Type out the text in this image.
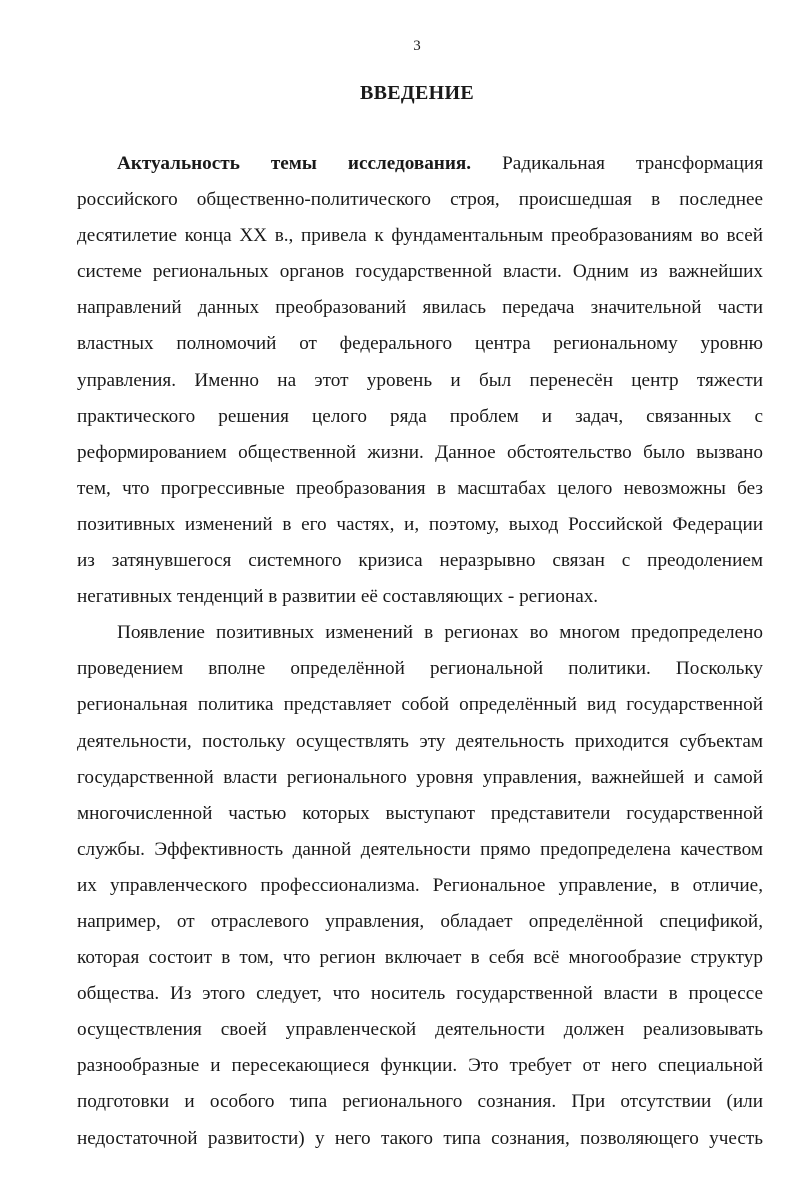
3
ВВЕДЕНИЕ
Актуальность темы исследования. Радикальная трансформация
российского общественно-политического строя, происшедшая в последнее
десятилетие конца XX в., привела к фундаментальным преобразованиям во всей
системе региональных органов государственной власти. Одним из важнейших
направлений данных преобразований явилась передача значительной части
властных полномочий от федерального центра региональному уровню
управления. Именно на этот уровень и был перенесён центр тяжести
практического решения целого ряда проблем и задач, связанных с
реформированием общественной жизни. Данное обстоятельство было вызвано
тем, что прогрессивные преобразования в масштабах целого невозможны без
позитивных изменений в его частях, и, поэтому, выход Российской Федерации
из затянувшегося системного кризиса неразрывно связан с преодолением
негативных тенденций в развитии её составляющих - регионах.
Появление позитивных изменений в регионах во многом предопределено
проведением вполне определённой региональной политики. Поскольку
региональная политика представляет собой определённый вид государственной
деятельности, постольку осуществлять эту деятельность приходится субъектам
государственной власти регионального уровня управления, важнейшей и самой
многочисленной частью которых выступают представители государственной
службы. Эффективность данной деятельности прямо предопределена качеством
их управленческого профессионализма. Региональное управление, в отличие,
например, от отраслевого управления, обладает определённой спецификой,
которая состоит в том, что регион включает в себя всё многообразие структур
общества. Из этого следует, что носитель государственной власти в процессе
осуществления своей управленческой деятельности должен реализовывать
разнообразные и пересекающиеся функции. Это требует от него специальной
подготовки и особого типа регионального сознания. При отсутствии (или
недостаточной развитости) у него такого типа сознания, позволяющего учесть
